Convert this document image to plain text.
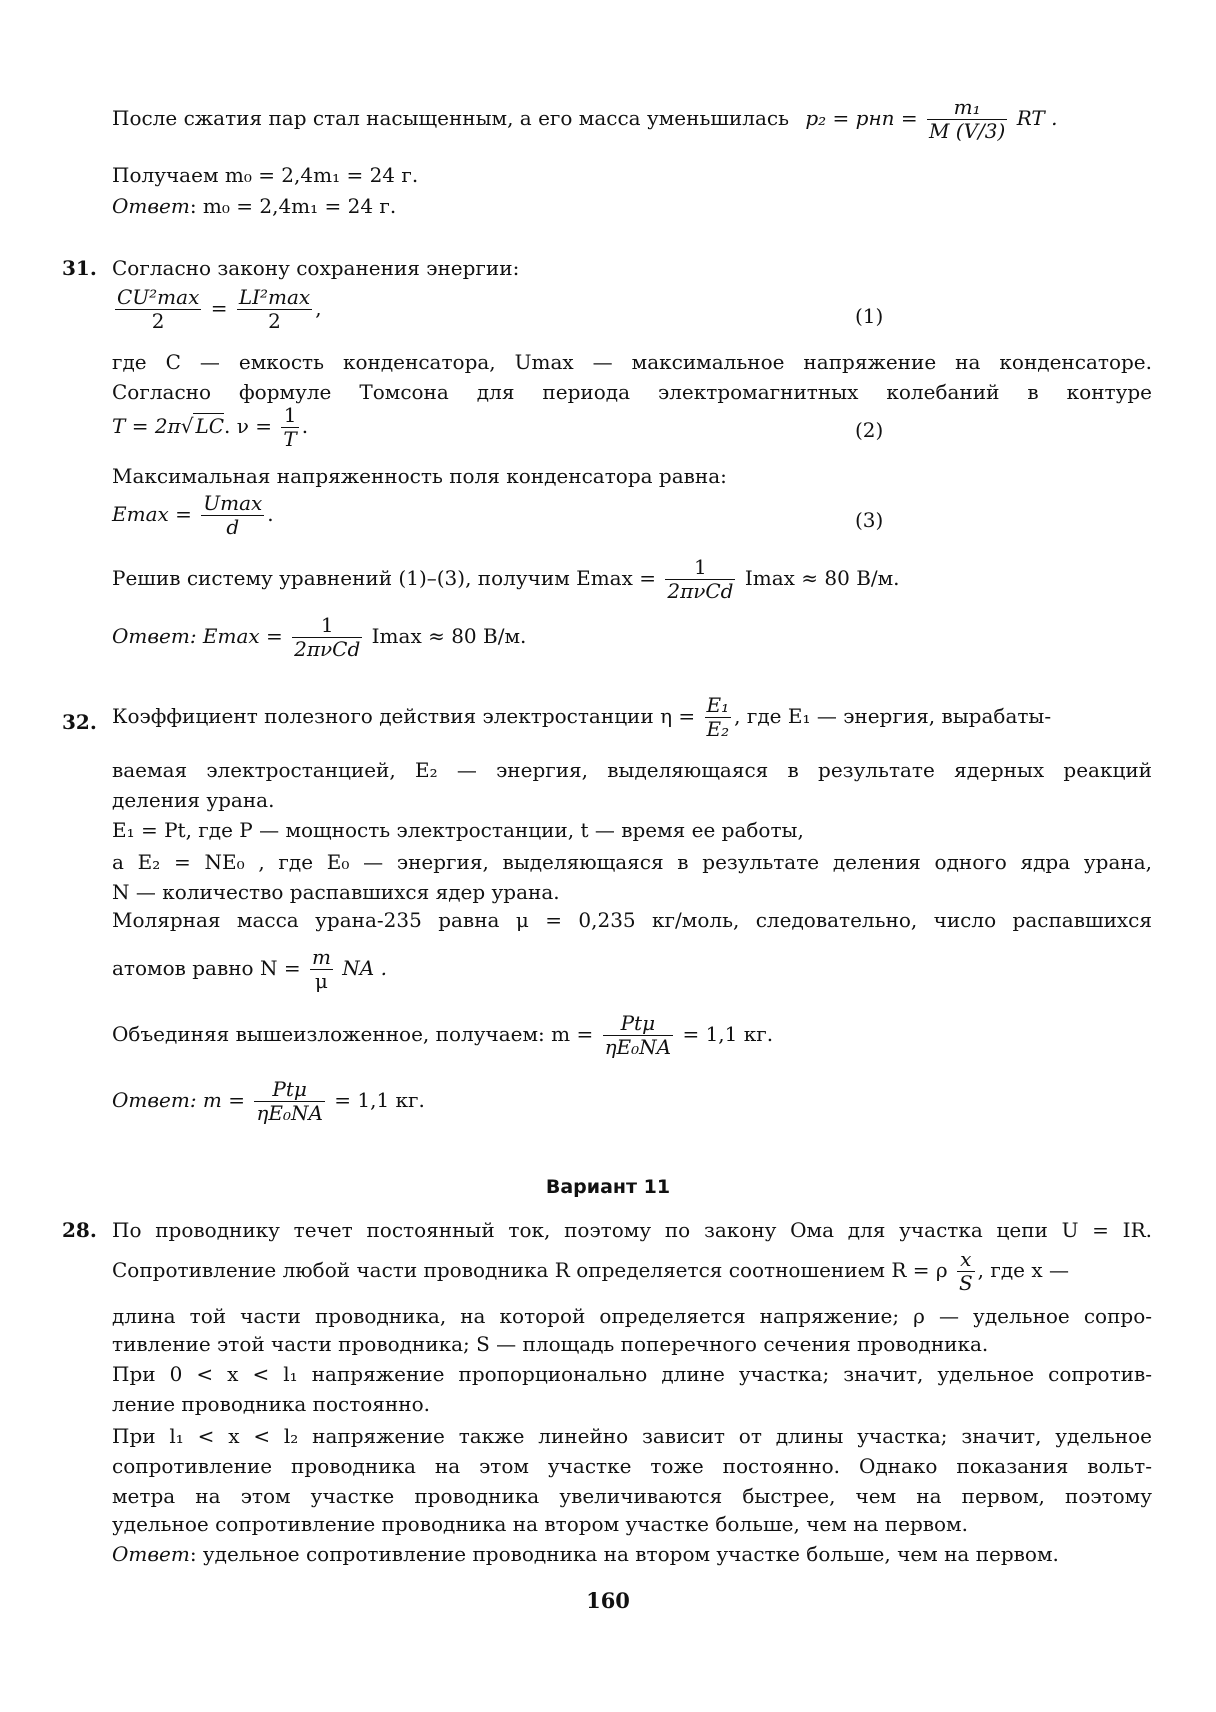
После сжатия пар стал насыщенным, а его масса уменьшилась p₂ = pнп = $\frac{\text{m₁}}{M (V/3)}$ RT .
Получаем m₀ = 2,4m₁ = 24 г.
Ответ: m₀ = 2,4m₁ = 24 г.
31. Согласно закону сохранения энергии:
CU²max
2
= LI²max
2
,	(1)
где C — емкость конденсатора, Umax — максимальное напряжение на конденсаторе.
Согласно формуле Томсона для периода электромагнитных колебаний в контуре
T = 2π√ LC. $\nu = \frac{1}{T}$ .	(2)
Максимальная напряженность поля конденсатора равна:
Emax = Umax
d
.	(3)
Решив систему уравнений (1)–(3), получим Emax =	1
2πνCd
Imax ≈ 80 В/м.
Ответ: Emax =	1
2πνCd
Imax ≈ 80 В/м.
32. Коэффициент полезного действия электростанции $\eta = \frac{\text{E₁}}{\text{E₂}}$ , где E₁ — энергия, вырабаты-
ваемая электростанцией, E₂ — энергия, выделяющаяся в результате ядерных реакций
деления урана.
E₁ = Pt, где P — мощность электростанции, t — время ее работы,
а E₂ = NE₀ , где E₀ — энергия, выделяющаяся в результате деления одного ядра урана,
N — количество распавшихся ядер урана.
Молярная масса урана-235 равна μ = 0,235 кг/моль, следовательно, число распавшихся
атомов равно $N = \frac{m}{\mu}$ NA .
Объединяя вышеизложенное, получаем: m =	Ptμ
ηE₀NA
= 1,1 кг.
Ответ: m =	Ptμ
ηE₀NA
= 1,1 кг.
Вариант 11
28. По проводнику течет постоянный ток, поэтому по закону Ома для участка цепи U = IR.
Сопротивление любой части проводника R определяется соотношением R = ρ $\frac{x}{S}$ , где x —
длина той части проводника, на которой определяется напряжение; ρ — удельное сопро-
тивление этой части проводника; S — площадь поперечного сечения проводника.
При 0 < x < l₁ напряжение пропорционально длине участка; значит, удельное сопротив-
ление проводника постоянно.
При l₁ < x < l₂ напряжение также линейно зависит от длины участка; значит, удельное
сопротивление проводника на этом участке тоже постоянно. Однако показания вольт-
метра на этом участке проводника увеличиваются быстрее, чем на первом, поэтому
удельное сопротивление проводника на втором участке больше, чем на первом.
Ответ: удельное сопротивление проводника на втором участке больше, чем на первом.
160
